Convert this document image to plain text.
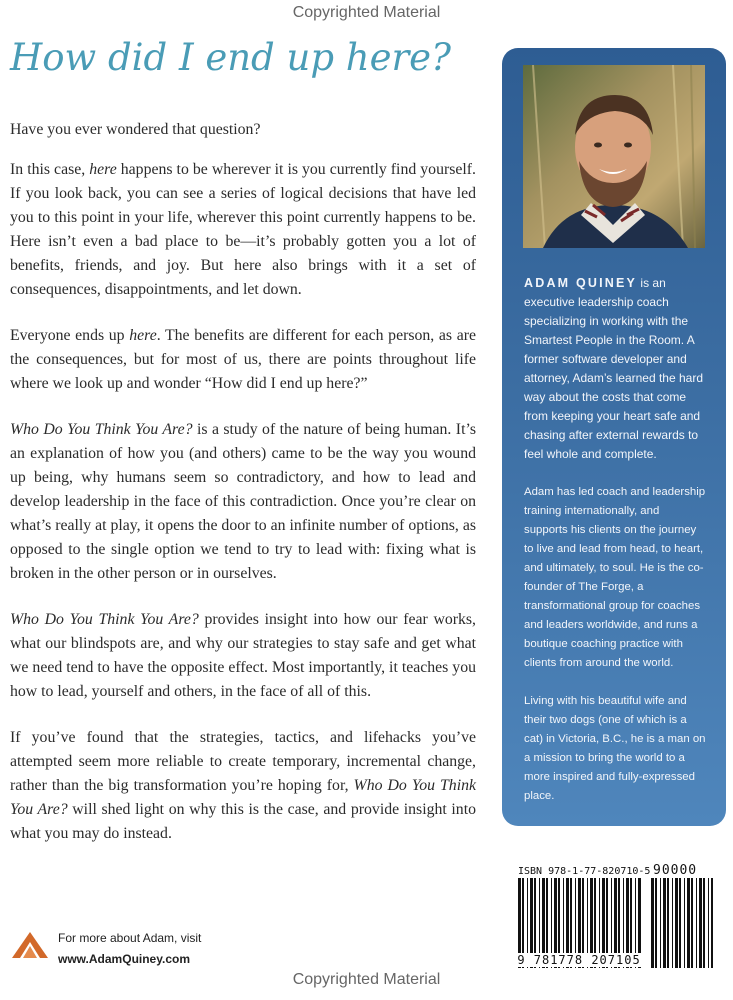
Copyrighted Material
How did I end up here?

Have you ever wondered that question?

In this case, here happens to be wherever it is you currently find yourself. If you look back, you can see a series of logical decisions that have led you to this point in your life, wherever this point currently happens to be. Here isn’t even a bad place to be—it’s probably gotten you a lot of benefits, friends, and joy. But here also brings with it a set of consequences, disappointments, and let down.

Everyone ends up here. The benefits are different for each person, as are the consequences, but for most of us, there are points throughout life where we look up and wonder “How did I end up here?”

Who Do You Think You Are? is a study of the nature of being human. It’s an explanation of how you (and others) came to be the way you wound up being, why humans seem so contradictory, and how to lead and develop leadership in the face of this contradiction. Once you’re clear on what’s really at play, it opens the door to an infinite number of options, as opposed to the single option we tend to try to lead with: fixing what is broken in the other person or in ourselves.

Who Do You Think You Are? provides insight into how our fear works, what our blindspots are, and why our strategies to stay safe and get what we need tend to have the opposite effect. Most importantly, it teaches you how to lead, yourself and others, in the face of all of this.

If you’ve found that the strategies, tactics, and lifehacks you’ve attempted seem more reliable to create temporary, incremental change, rather than the big transformation you’re hoping for, Who Do You Think You Are? will shed light on why this is the case, and provide insight into what you may do instead.

For more about Adam, visit
www.AdamQuiney.com

ADAM QUINEY is an executive leadership coach specializing in working with the Smartest People in the Room. A former software developer and attorney, Adam’s learned the hard way about the costs that come from keeping your heart safe and chasing after external rewards to feel whole and complete.

Adam has led coach and leadership training internationally, and supports his clients on the journey to live and lead from head, to heart, and ultimately, to soul. He is the co-founder of The Forge, a transformational group for coaches and leaders worldwide, and runs a boutique coaching practice with clients from around the world.

Living with his beautiful wife and their two dogs (one of which is a cat) in Victoria, B.C., he is a man on a mission to bring the world to a more inspired and fully-expressed place.

ISBN 978-1-77-820710-5 90000
9 781778 207105
Copyrighted Material
